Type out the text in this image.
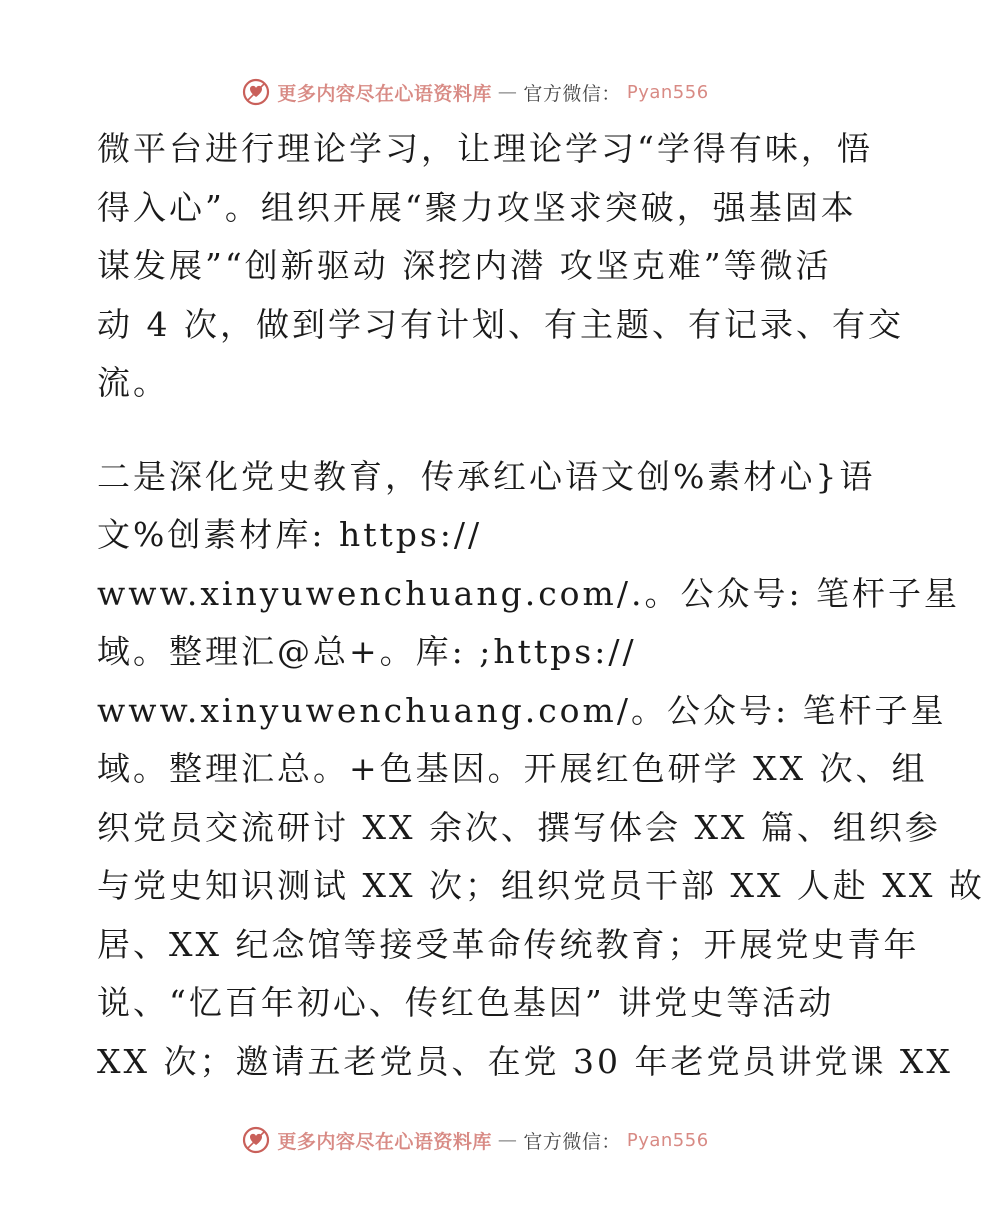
更多内容尽在心语资料库 — 官方微信： Pyan556
微平台进行理论学习，让理论学习“学得有味，悟
得入心”。组织开展“聚力攻坚求突破，强基固本
谋发展”“创新驱动 深挖内潜 攻坚克难”等微活
动 4 次，做到学习有计划、有主题、有记录、有交
流。
二是深化党史教育，传承红心语文创%素材心}语
文%创素材库: https://
www.xinyuwenchuang.com/.。公众号: 笔杆子星
域。整理汇@总+。库: ;https://
www.xinyuwenchuang.com/。公众号: 笔杆子星
域。整理汇总。+色基因。开展红色研学 XX 次、组
织党员交流研讨 XX 余次、撰写体会 XX 篇、组织参
与党史知识测试 XX 次；组织党员干部 XX 人赴 XX 故
居、XX 纪念馆等接受革命传统教育；开展党史青年
说、“忆百年初心、传红色基因” 讲党史等活动
XX 次；邀请五老党员、在党 30 年老党员讲党课 XX
更多内容尽在心语资料库 — 官方微信： Pyan556
